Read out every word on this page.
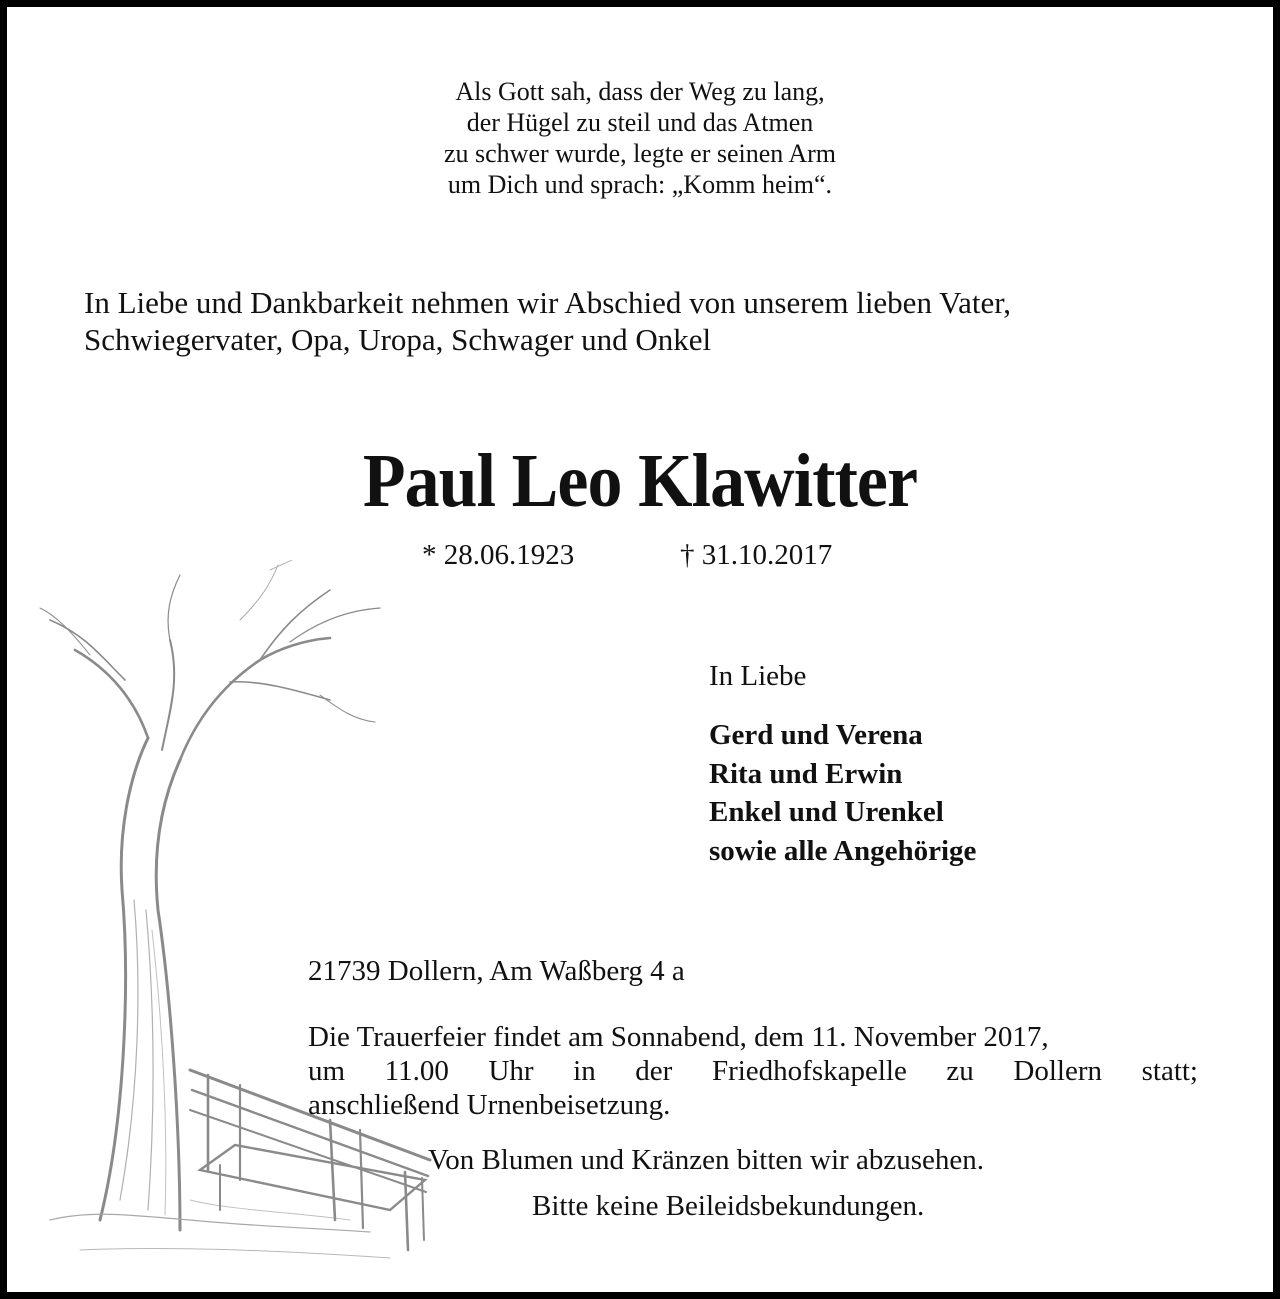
Als Gott sah, dass der Weg zu lang,
der Hügel zu steil und das Atmen
zu schwer wurde, legte er seinen Arm
um Dich und sprach: „Komm heim“.
In Liebe und Dankbarkeit nehmen wir Abschied von unserem lieben Vater,
Schwiegervater, Opa, Uropa, Schwager und Onkel
Paul Leo Klawitter
* 28.06.1923	† 31.10.2017
In Liebe
Gerd und Verena
Rita und Erwin
Enkel und Urenkel
sowie alle Angehörige
21739 Dollern, Am Waßberg 4 a
Die Trauerfeier findet am Sonnabend, dem 11. November 2017,
um 11.00 Uhr in der Friedhofskapelle zu Dollern statt;
anschließend Urnenbeisetzung.
Von Blumen und Kränzen bitten wir abzusehen.
Bitte keine Beileidsbekundungen.
